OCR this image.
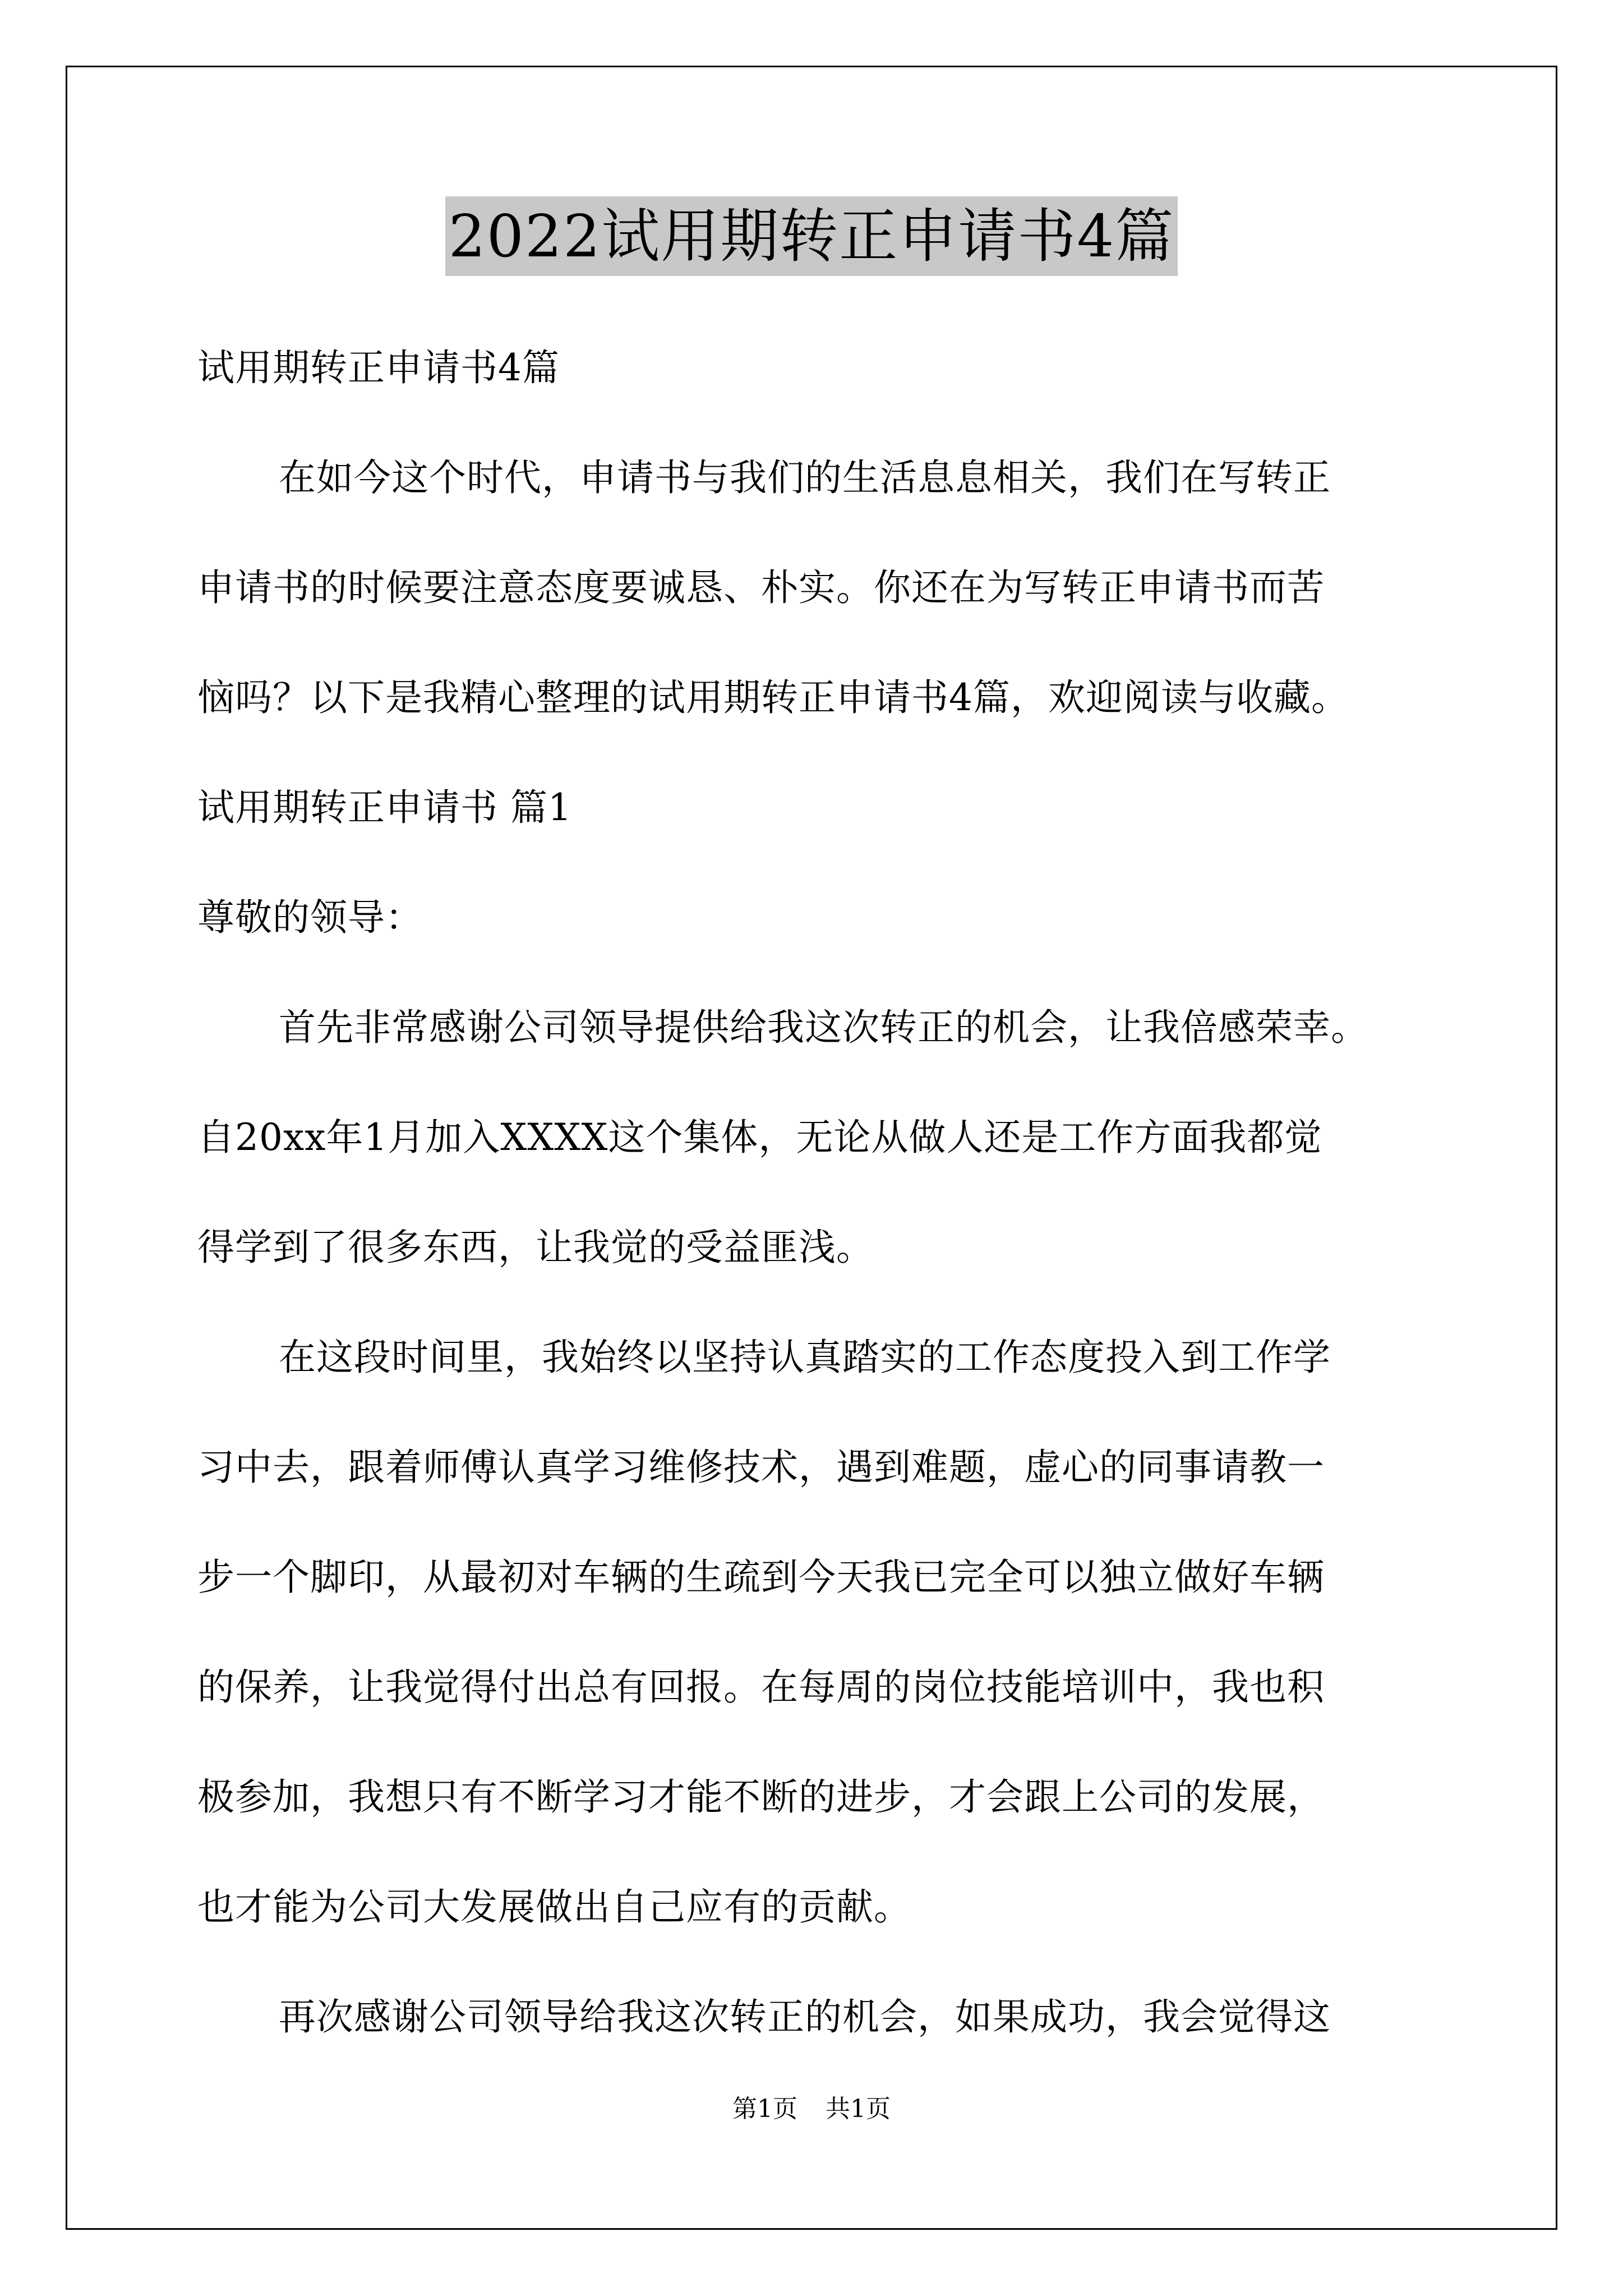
2022试用期转正申请书4篇
试用期转正申请书4篇
在如今这个时代，申请书与我们的生活息息相关，我们在写转正
申请书的时候要注意态度要诚恳、朴实。你还在为写转正申请书而苦
恼吗？以下是我精心整理的试用期转正申请书4篇，欢迎阅读与收藏。
试用期转正申请书 篇1
尊敬的领导：
首先非常感谢公司领导提供给我这次转正的机会，让我倍感荣幸。
自20xx年1月加入XXXX这个集体，无论从做人还是工作方面我都觉
得学到了很多东西，让我觉的受益匪浅。
在这段时间里，我始终以坚持认真踏实的工作态度投入到工作学
习中去，跟着师傅认真学习维修技术，遇到难题，虚心的同事请教一
步一个脚印，从最初对车辆的生疏到今天我已完全可以独立做好车辆
的保养，让我觉得付出总有回报。在每周的岗位技能培训中，我也积
极参加，我想只有不断学习才能不断的进步，才会跟上公司的发展，
也才能为公司大发展做出自己应有的贡献。
再次感谢公司领导给我这次转正的机会，如果成功，我会觉得这
第1页 共1页
